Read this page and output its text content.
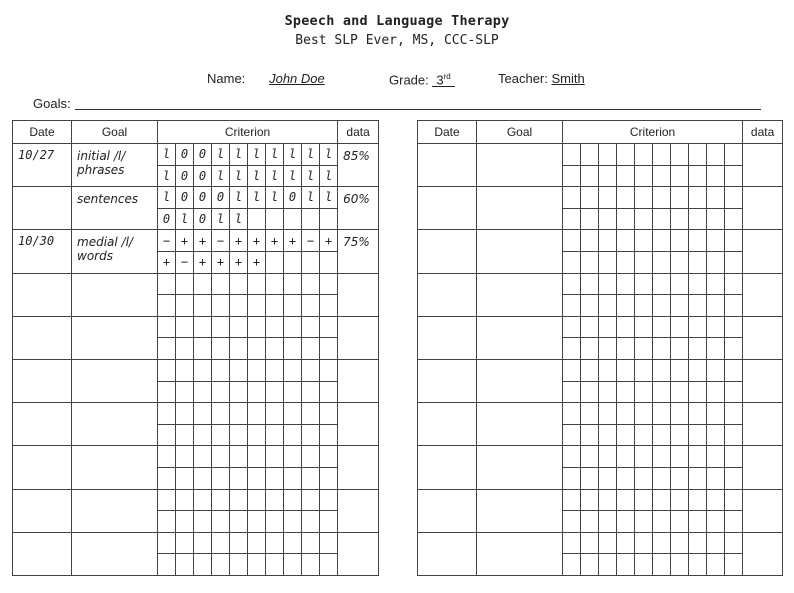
Speech and Language Therapy
Best SLP Ever, MS, CCC-SLP
Name: John Doe	Grade: 3rd	Teacher: Smith
Goals:
Date	Goal	Criterion										data
10/27	initial /l/ phrases	l	0	0	l	l	l	l	l	l	l	85%
		l	0	0	l	l	l	l	l	l	l	
	sentences	l	0	0	0	l	l	l	0	l	l	60%
		0	l	0	l	l						
10/30	medial /l/ words	−	+	+	−	+	+	+	+	−	+	75%
		+	−	+	+	+	+					

Date	Goal	Criterion										data
